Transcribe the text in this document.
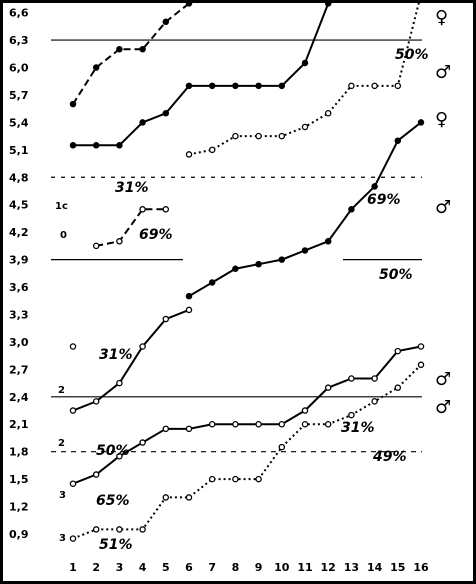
0,9
1,2
1,5
1,8
2,1
2,4
2,7
3,0
3,3
3,6
3,9
4,2
4,5
4,8
5,1
5,4
5,7
6,0
6,3
6,6
1 2 3 4 5 6 7 8 9 10 11 12 13 14 15 16
50%
31%
69%
69%
50%
31%
50%
31%
49%
65%
51%
1c
0
2
2
3
3
♀
♂
♀
♂
♂
♂
